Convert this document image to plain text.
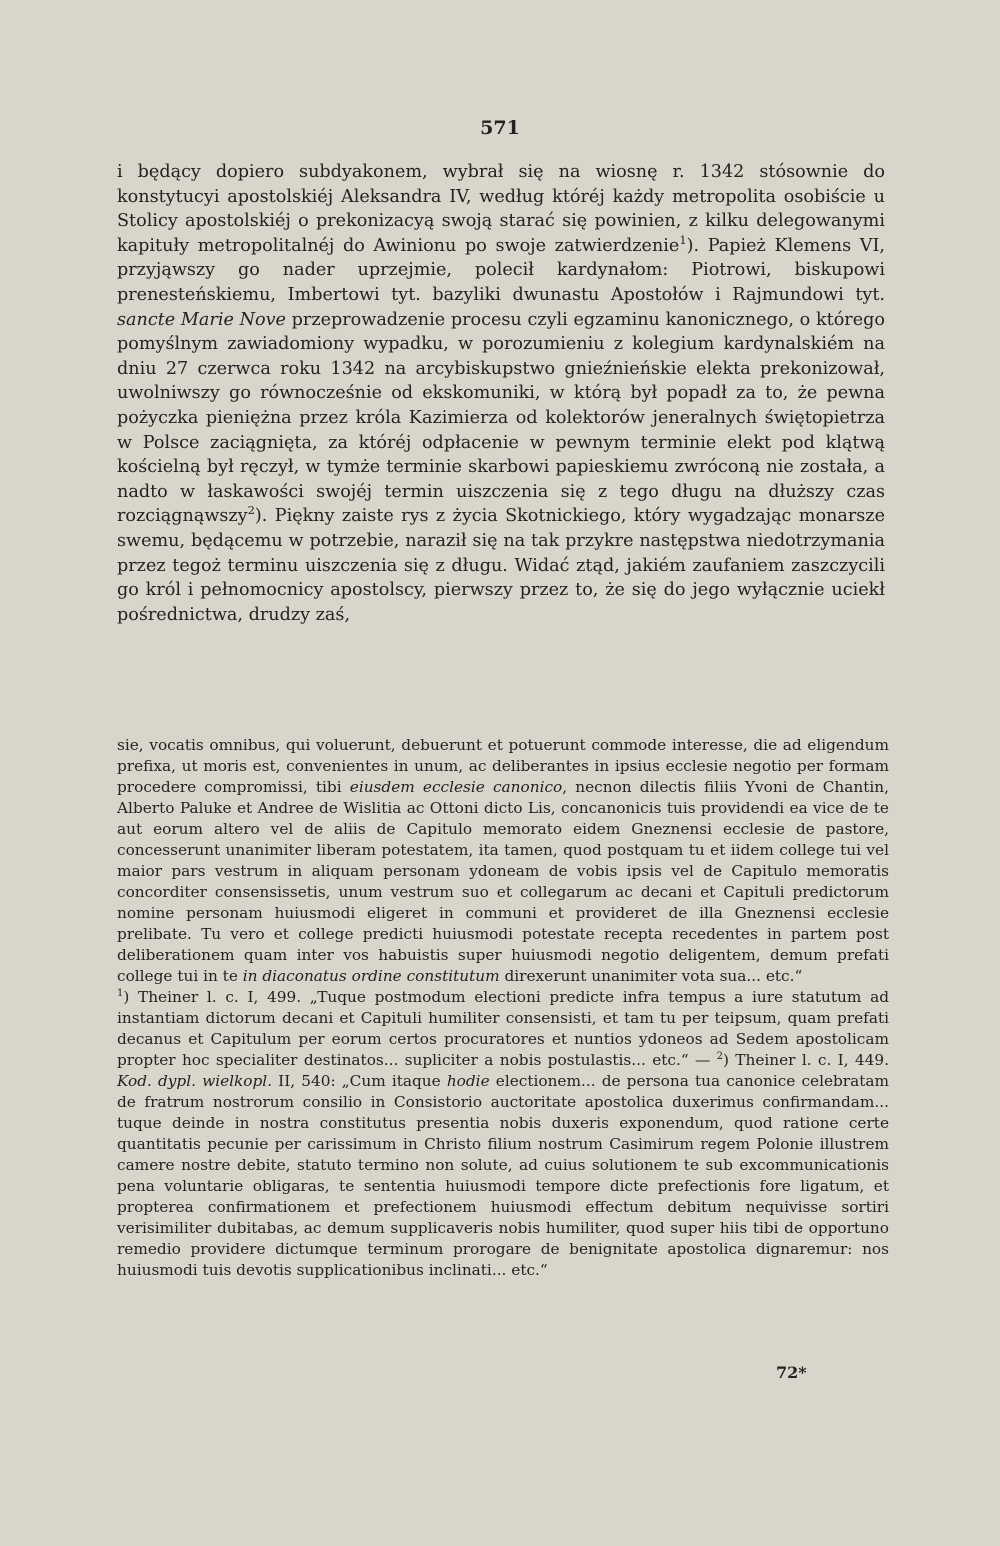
571

i będący dopiero subdyakonem, wybrał się na wiosnę r. 1342 stósownie do konstytucyi apostolskiéj Aleksandra IV, według któréj każdy metropolita osobiście u Stolicy apostolskiéj o prekonizacyą swoją starać się powinien, z kilku delegowanymi kapituły metropolitalnéj do Awinionu po swoje zatwierdzenie$^1$). Papież Klemens VI, przyjąwszy go nader uprzejmie, polecił kardynałom: Piotrowi, biskupowi prenesteńskiemu, Imbertowi tyt. bazyliki dwunastu Apostołów i Rajmundowi tyt. sancte Marie Nove przeprowadzenie procesu czyli egzaminu kanonicznego, o którego pomyślnym zawiadomiony wypadku, w porozumieniu z kolegium kardynalskiém na dniu 27 czerwca roku 1342 na arcybiskupstwo gnieźnieńskie elekta prekonizował, uwolniwszy go równocześnie od ekskomuniki, w którą był popadł za to, że pewna pożyczka pieniężna przez króla Kazimierza od kolektorów jeneralnych świętopietrza w Polsce zaciągnięta, za któréj odpłacenie w pewnym terminie elekt pod klątwą kościelną był ręczył, w tymże terminie skarbowi papieskiemu zwróconą nie została, a nadto w łaskawości swojéj termin uiszczenia się z tego długu na dłuższy czas rozciągnąwszy$^2$). Piękny zaiste rys z życia Skotnickiego, który wygadzając monarsze swemu, będącemu w potrzebie, naraził się na tak przykre następstwa niedotrzymania przez tegoż terminu uiszczenia się z długu. Widać ztąd, jakiém zaufaniem zaszczycili go król i pełnomocnicy apostolscy, pierwszy przez to, że się do jego wyłącznie uciekł pośrednictwa, drudzy zaś,

sie, vocatis omnibus, qui voluerunt, debuerunt et potuerunt commode interesse, die ad eligendum prefixa, ut moris est, convenientes in unum, ac deliberantes in ipsius ecclesie negotio per formam procedere compromissi, tibi eiusdem ecclesie canonico, necnon dilectis filiis Yvoni de Chantin, Alberto Paluke et Andree de Wislitia ac Ottoni dicto Lis, concanonicis tuis providendi ea vice de te aut eorum altero vel de aliis de Capitulo memorato eidem Gneznensi ecclesie de pastore, concesserunt unanimiter liberam potestatem, ita tamen, quod postquam tu et iidem college tui vel maior pars vestrum in aliquam personam ydoneam de vobis ipsis vel de Capitulo memoratis concorditer consensissetis, unum vestrum suo et collegarum ac decani et Capituli predictorum nomine personam huiusmodi eligeret in communi et provideret de illa Gneznensi ecclesie prelibate. Tu vero et college predicti huiusmodi potestate recepta recedentes in partem post deliberationem quam inter vos habuistis super huiusmodi negotio deligentem, demum prefati college tui in te in diaconatus ordine constitutum direxerunt unanimiter vota sua... etc.“
$^1$) Theiner l. c. I, 499. „Tuque postmodum electioni predicte infra tempus a iure statutum ad instantiam dictorum decani et Capituli humiliter consensisti, et tam tu per teipsum, quam prefati decanus et Capitulum per eorum certos procuratores et nuntios ydoneos ad Sedem apostolicam propter hoc specialiter destinatos... supliciter a nobis postulastis... etc.“ — $^2$) Theiner l. c. I, 449. Kod. dypl. wielkopl. II, 540: „Cum itaque hodie electionem... de persona tua canonice celebratam de fratrum nostrorum consilio in Consistorio auctoritate apostolica duxerimus confirmandam... tuque deinde in nostra constitutus presentia nobis duxeris exponendum, quod ratione certe quantitatis pecunie per carissimum in Christo filium nostrum Casimirum regem Polonie illustrem camere nostre debite, statuto termino non solute, ad cuius solutionem te sub excommunicationis pena voluntarie obligaras, te sententia huiusmodi tempore dicte prefectionis fore ligatum, et propterea confirmationem et prefectionem huiusmodi effectum debitum nequivisse sortiri verisimiliter dubitabas, ac demum supplicaveris nobis humiliter, quod super hiis tibi de opportuno remedio providere dictumque terminum prorogare de benignitate apostolica dignaremur: nos huiusmodi tuis devotis supplicationibus inclinati... etc.“

72*
